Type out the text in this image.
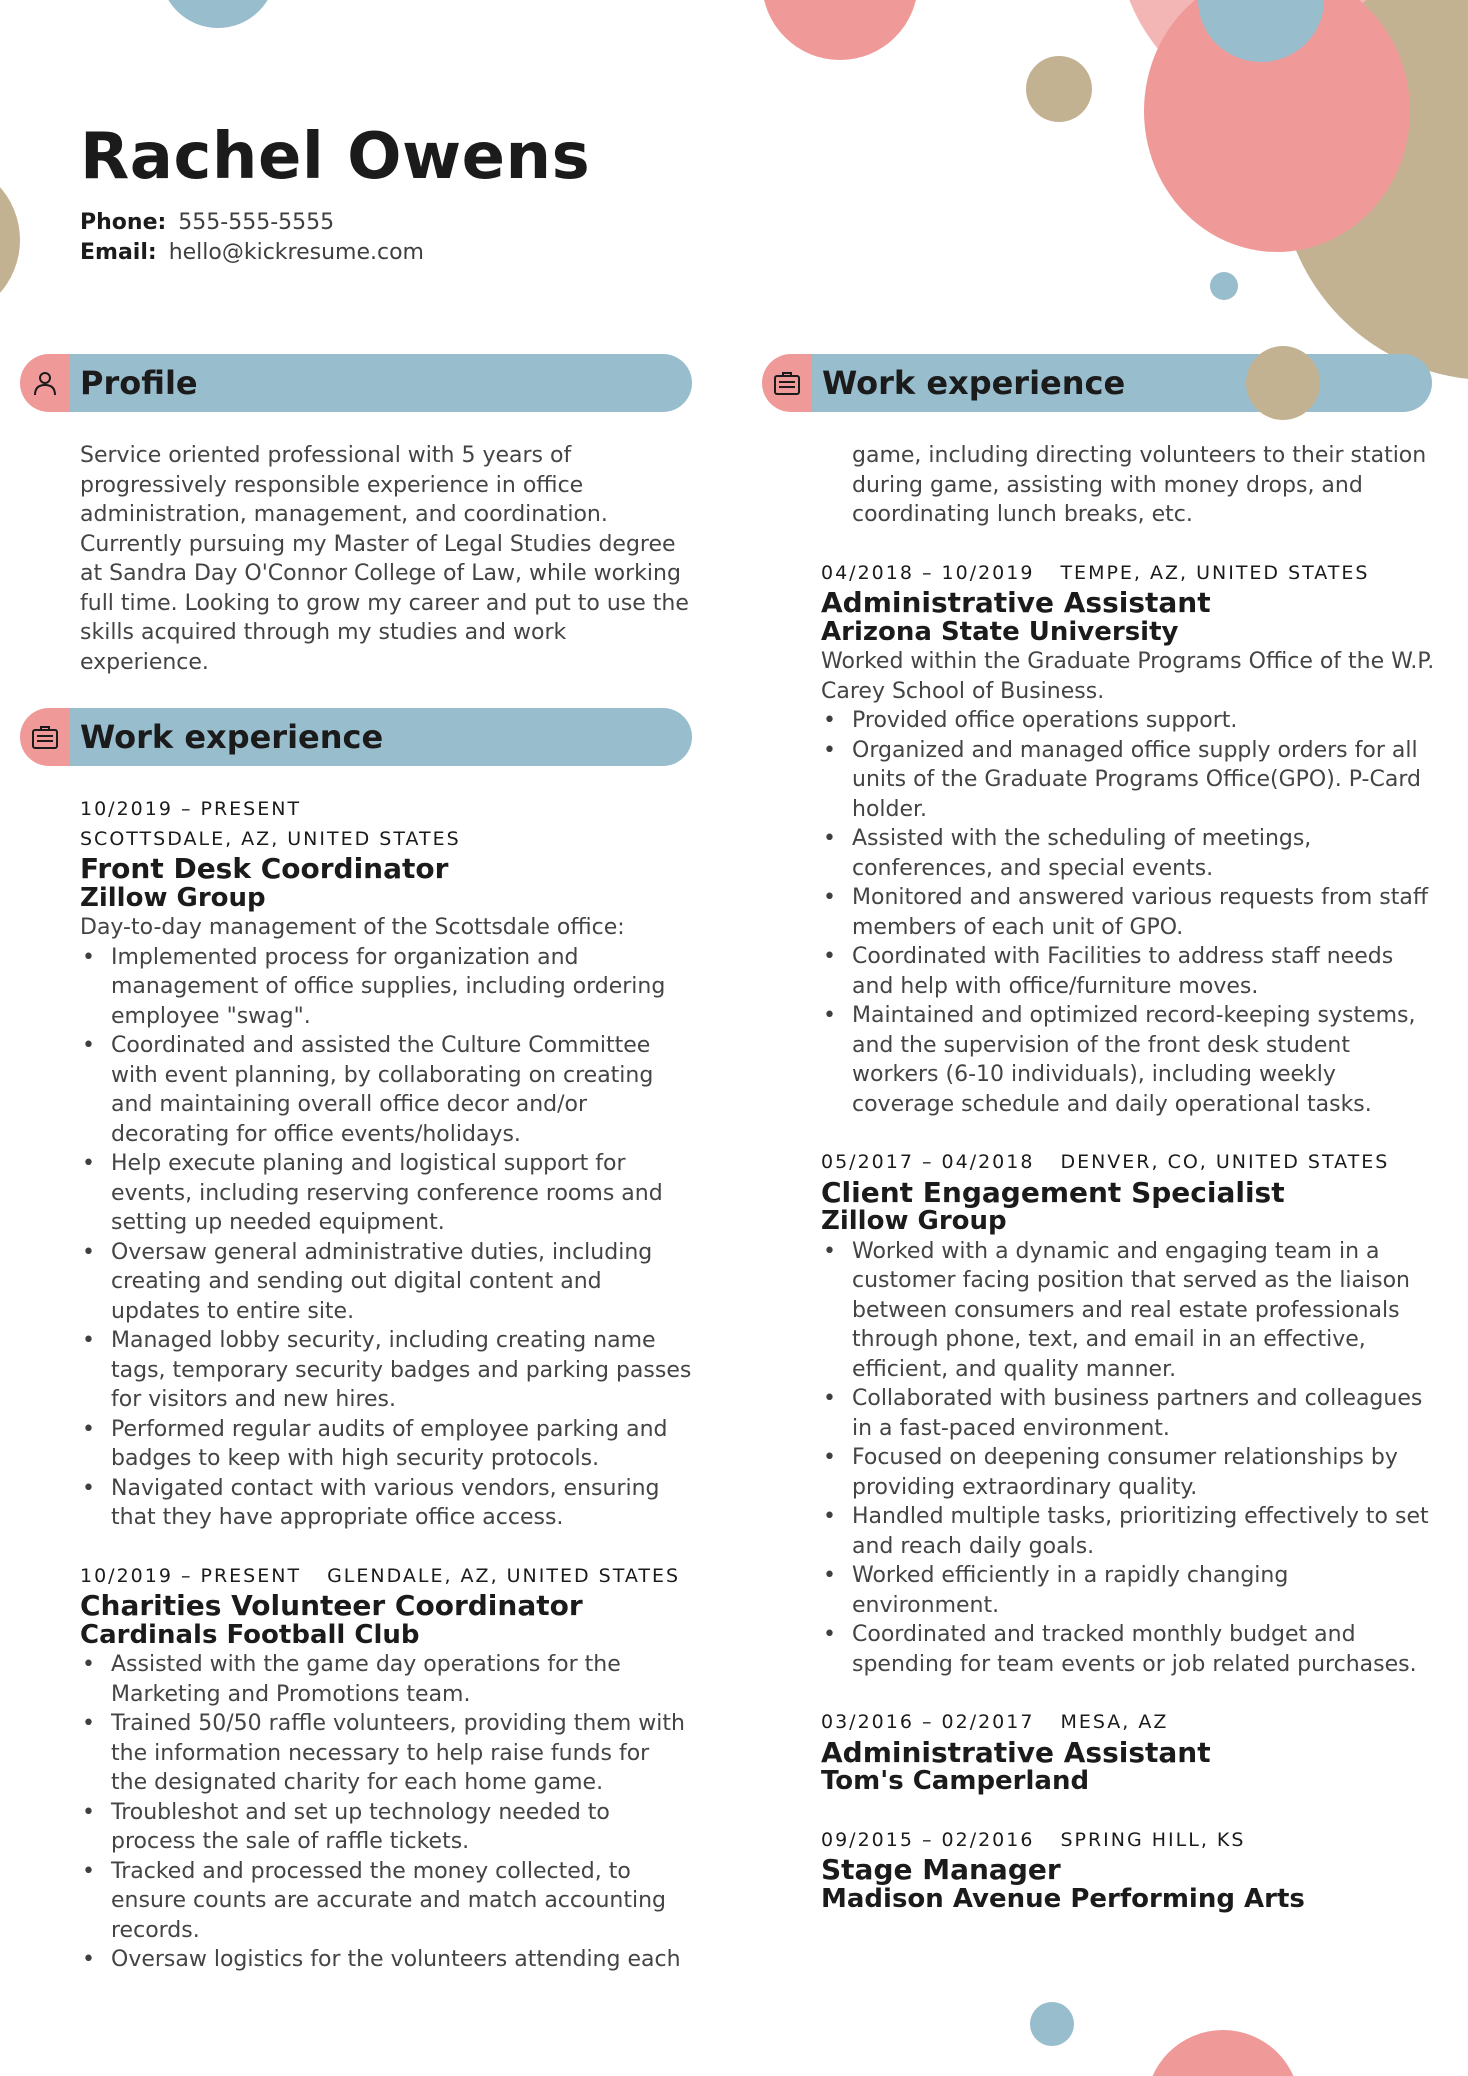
Rachel Owens
Phone: 555-555-5555
Email: hello@kickresume.com
Profile
Service oriented professional with 5 years of progressively responsible experience in office administration, management, and coordination. Currently pursuing my Master of Legal Studies degree at Sandra Day O'Connor College of Law, while working full time. Looking to grow my career and put to use the skills acquired through my studies and work experience.
Work experience
10/2019 – PRESENT
SCOTTSDALE, AZ, UNITED STATES
Front Desk Coordinator
Zillow Group
Day-to-day management of the Scottsdale office:
• Implemented process for organization and management of office supplies, including ordering employee "swag".
• Coordinated and assisted the Culture Committee with event planning, by collaborating on creating and maintaining overall office decor and/or decorating for office events/holidays.
• Help execute planing and logistical support for events, including reserving conference rooms and setting up needed equipment.
• Oversaw general administrative duties, including creating and sending out digital content and updates to entire site.
• Managed lobby security, including creating name tags, temporary security badges and parking passes for visitors and new hires.
• Performed regular audits of employee parking and badges to keep with high security protocols.
• Navigated contact with various vendors, ensuring that they have appropriate office access.
10/2019 – PRESENT GLENDALE, AZ, UNITED STATES
Charities Volunteer Coordinator
Cardinals Football Club
• Assisted with the game day operations for the Marketing and Promotions team.
• Trained 50/50 raffle volunteers, providing them with the information necessary to help raise funds for the designated charity for each home game.
• Troubleshot and set up technology needed to process the sale of raffle tickets.
• Tracked and processed the money collected, to ensure counts are accurate and match accounting records.
• Oversaw logistics for the volunteers attending each
Work experience
game, including directing volunteers to their station during game, assisting with money drops, and coordinating lunch breaks, etc.
04/2018 – 10/2019 TEMPE, AZ, UNITED STATES
Administrative Assistant
Arizona State University
Worked within the Graduate Programs Office of the W.P. Carey School of Business.
• Provided office operations support.
• Organized and managed office supply orders for all units of the Graduate Programs Office(GPO). P-Card holder.
• Assisted with the scheduling of meetings, conferences, and special events.
• Monitored and answered various requests from staff members of each unit of GPO.
• Coordinated with Facilities to address staff needs and help with office/furniture moves.
• Maintained and optimized record-keeping systems, and the supervision of the front desk student workers (6-10 individuals), including weekly coverage schedule and daily operational tasks.
05/2017 – 04/2018 DENVER, CO, UNITED STATES
Client Engagement Specialist
Zillow Group
• Worked with a dynamic and engaging team in a customer facing position that served as the liaison between consumers and real estate professionals through phone, text, and email in an effective, efficient, and quality manner.
• Collaborated with business partners and colleagues in a fast-paced environment.
• Focused on deepening consumer relationships by providing extraordinary quality.
• Handled multiple tasks, prioritizing effectively to set and reach daily goals.
• Worked efficiently in a rapidly changing environment.
• Coordinated and tracked monthly budget and spending for team events or job related purchases.
03/2016 – 02/2017 MESA, AZ
Administrative Assistant
Tom's Camperland
09/2015 – 02/2016 SPRING HILL, KS
Stage Manager
Madison Avenue Performing Arts
